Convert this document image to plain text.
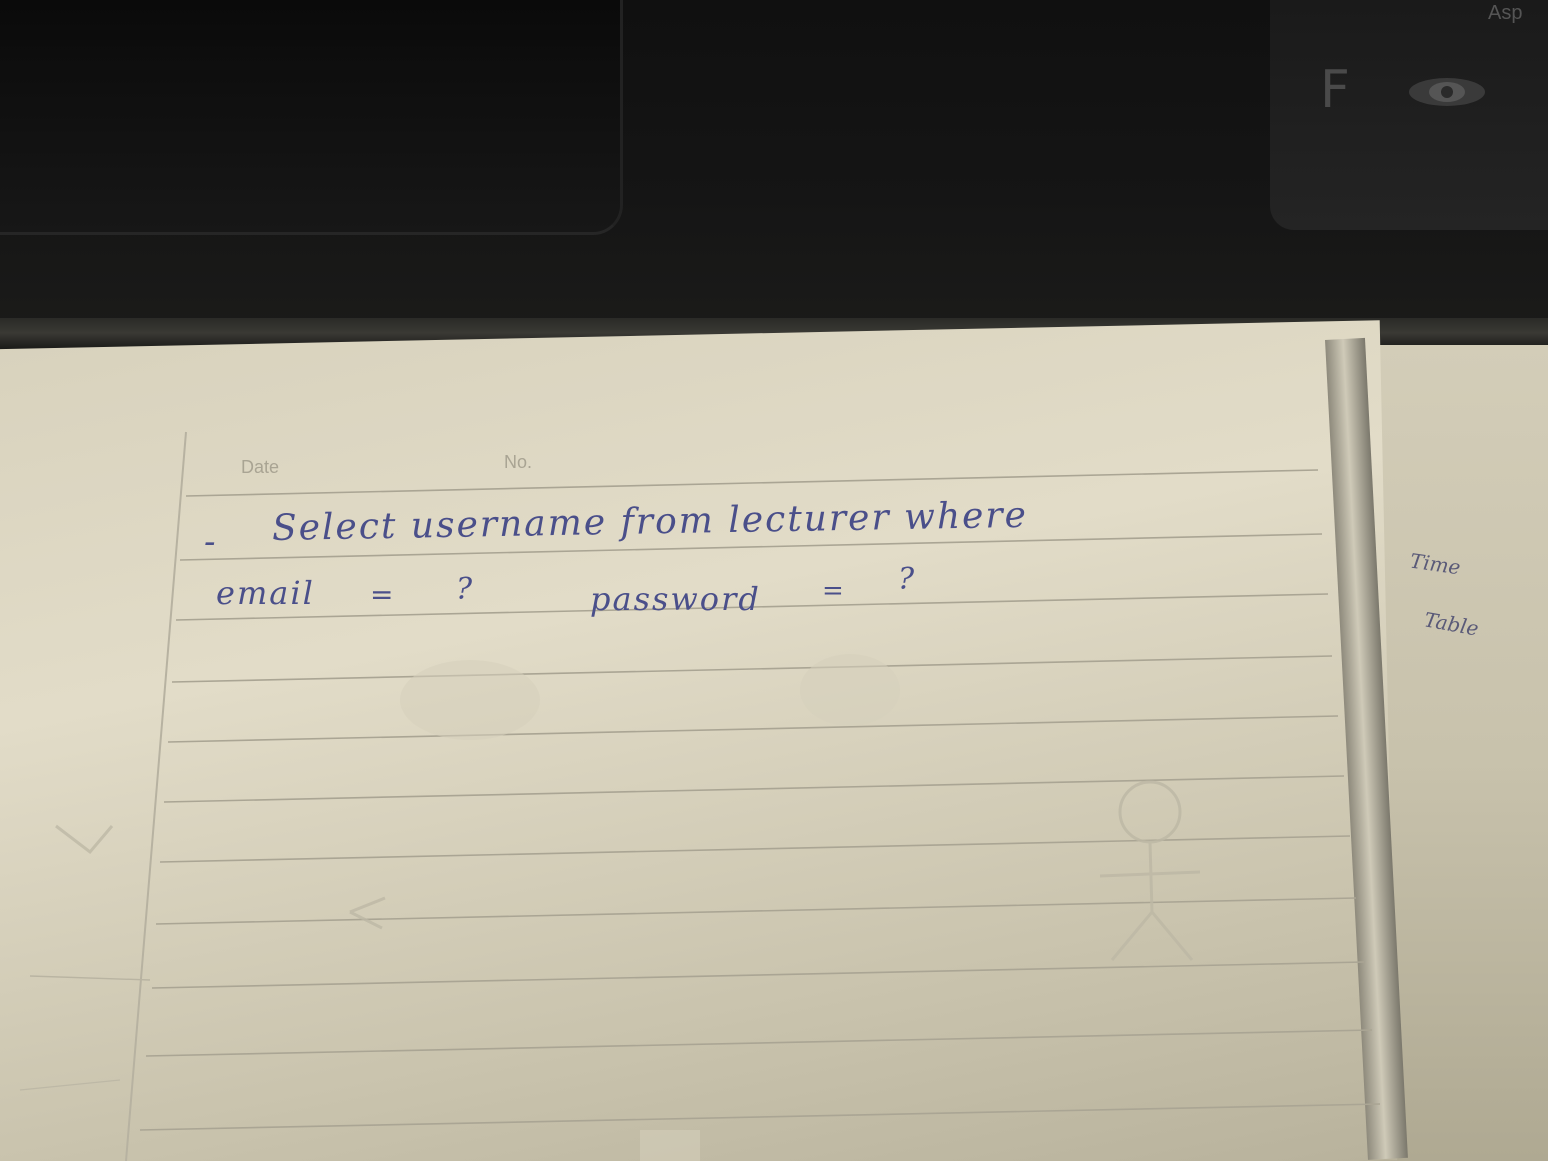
F
Asp
Date	No.
- Select username from lecturer where
email = ?	password = ?	Time
Table
